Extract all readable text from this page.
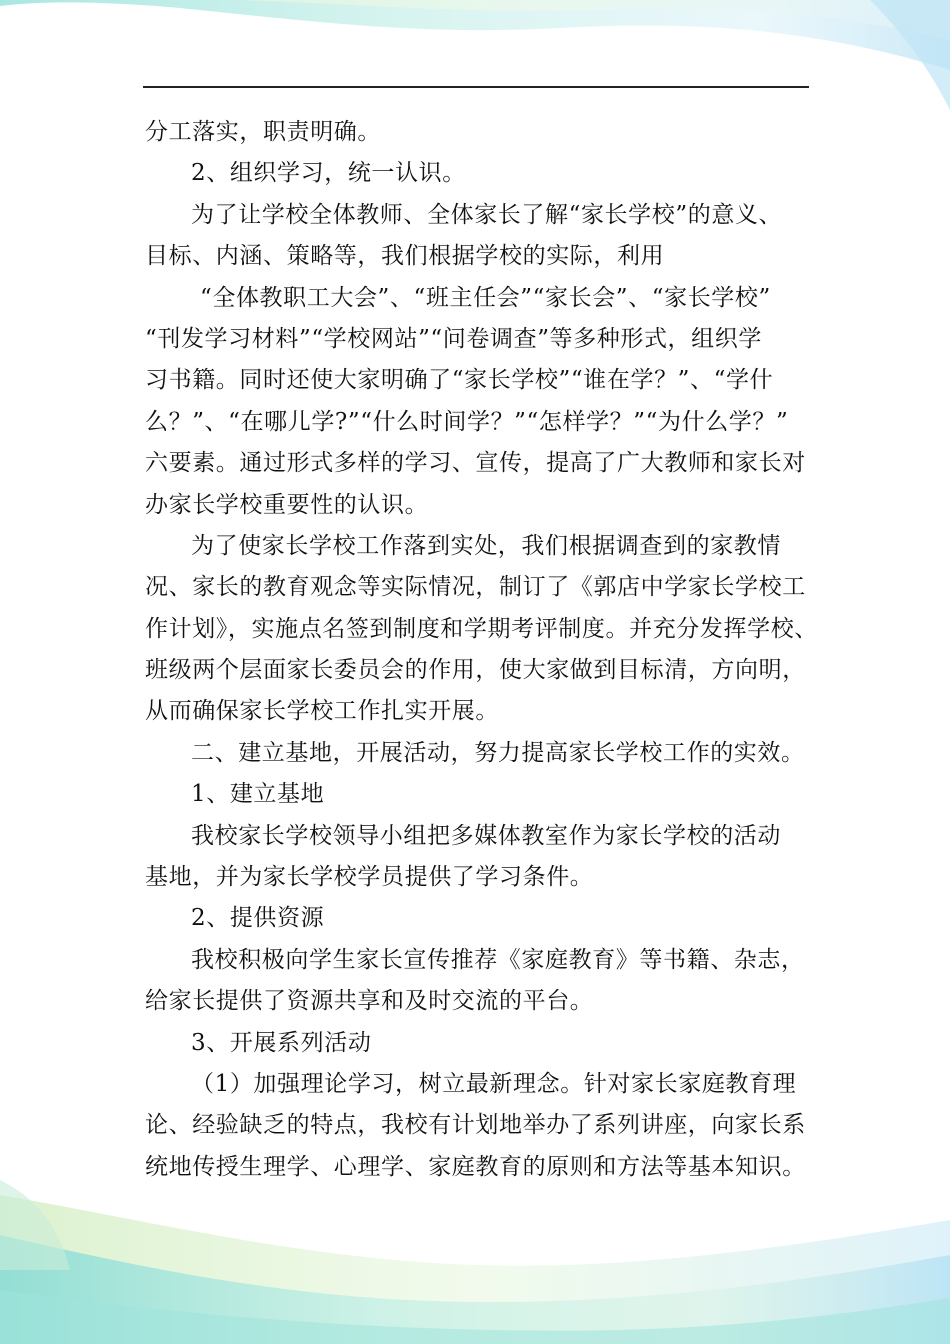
分工落实，职责明确。
2、组织学习，统一认识。
为了让学校全体教师、全体家长了解“家长学校”的意义、
目标、内涵、策略等，我们根据学校的实际，利用
“全体教职工大会”、“班主任会”“家长会”、“家长学校”
“刊发学习材料”“学校网站”“问卷调查”等多种形式，组织学
习书籍。同时还使大家明确了“家长学校”“谁在学？”、“学什
么？”、“在哪儿学?”“什么时间学？”“怎样学？”“为什么学？”
六要素。通过形式多样的学习、宣传，提高了广大教师和家长对
办家长学校重要性的认识。
为了使家长学校工作落到实处，我们根据调查到的家教情
况、家长的教育观念等实际情况，制订了《郭店中学家长学校工
作计划》，实施点名签到制度和学期考评制度。并充分发挥学校、
班级两个层面家长委员会的作用，使大家做到目标清，方向明，
从而确保家长学校工作扎实开展。
二、建立基地，开展活动，努力提高家长学校工作的实效。
1、建立基地
我校家长学校领导小组把多媒体教室作为家长学校的活动
基地，并为家长学校学员提供了学习条件。
2、提供资源
我校积极向学生家长宣传推荐《家庭教育》等书籍、杂志，
给家长提供了资源共享和及时交流的平台。
3、开展系列活动
（1）加强理论学习，树立最新理念。针对家长家庭教育理
论、经验缺乏的特点，我校有计划地举办了系列讲座，向家长系
统地传授生理学、心理学、家庭教育的原则和方法等基本知识。
